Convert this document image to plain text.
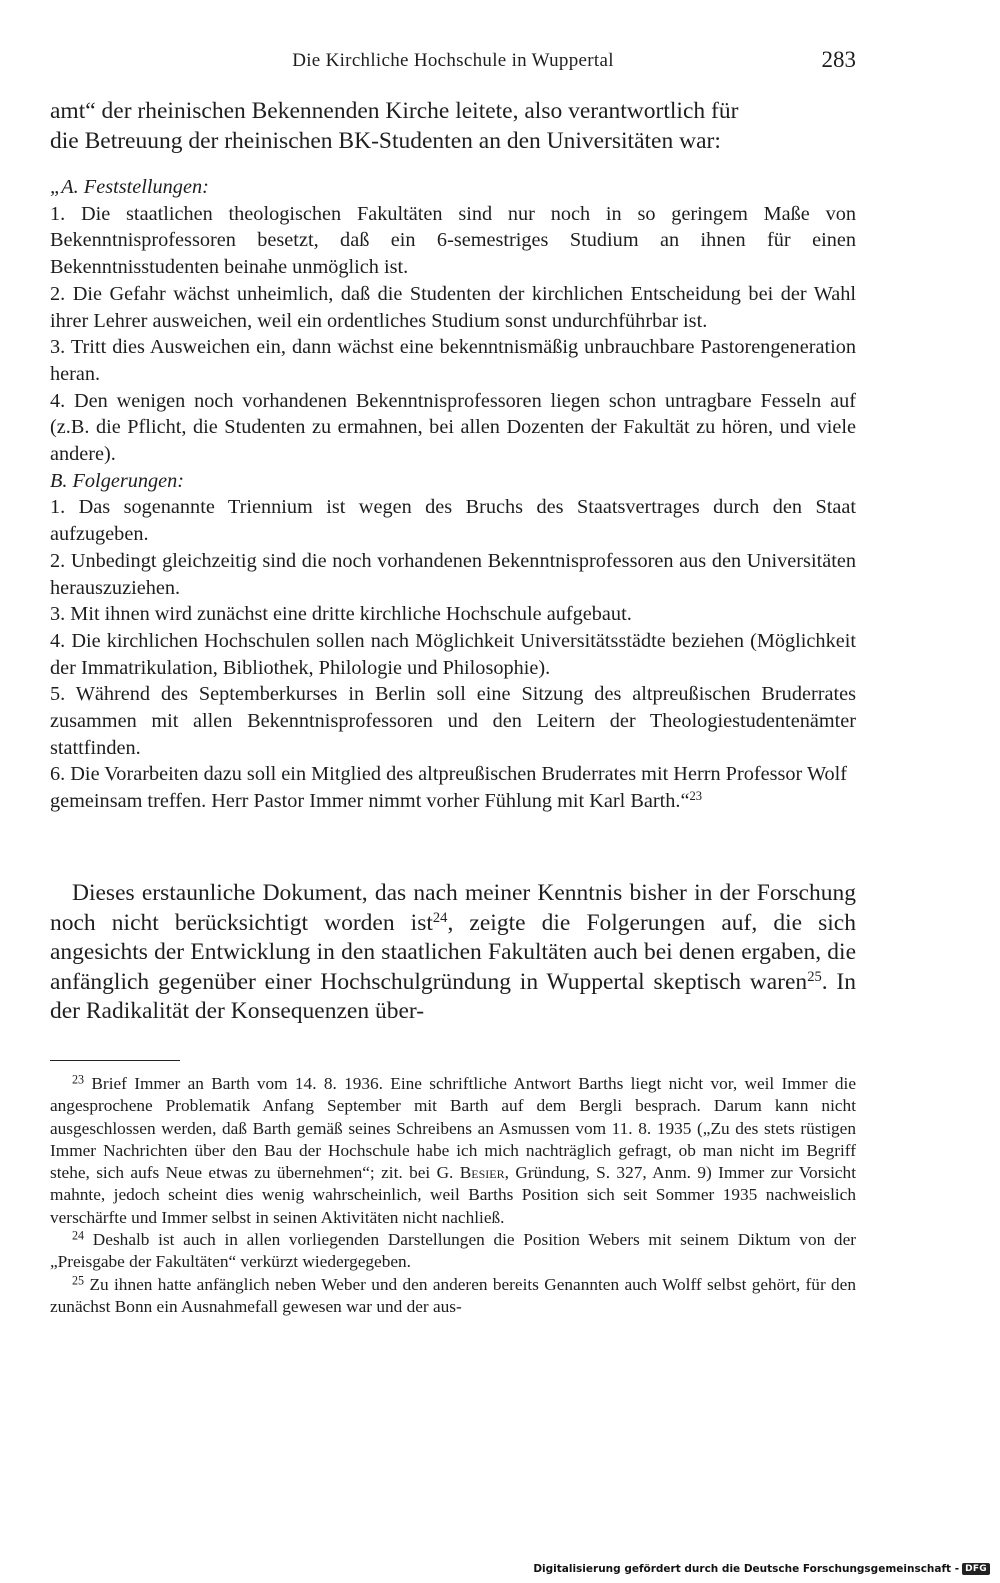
Die Kirchliche Hochschule in Wuppertal	283

amt“ der rheinischen Bekennenden Kirche leitete, also verantwortlich für

die Betreuung der rheinischen BK-Studenten an den Universitäten war:

„A. Feststellungen:

1. Die staatlichen theologischen Fakultäten sind nur noch in so geringem Maße von Bekenntnisprofessoren besetzt, daß ein 6-semestriges Studium an ihnen für einen Bekenntnisstudenten beinahe unmöglich ist.

2. Die Gefahr wächst unheimlich, daß die Studenten der kirchlichen Entscheidung bei der Wahl ihrer Lehrer ausweichen, weil ein ordentliches Studium sonst undurchführbar ist.

3. Tritt dies Ausweichen ein, dann wächst eine bekenntnismäßig unbrauchbare Pastorengeneration heran.

4. Den wenigen noch vorhandenen Bekenntnisprofessoren liegen schon untragbare Fesseln auf (z.B. die Pflicht, die Studenten zu ermahnen, bei allen Dozenten der Fakultät zu hören, und viele andere).

B. Folgerungen:

1. Das sogenannte Triennium ist wegen des Bruchs des Staatsvertrages durch den Staat aufzugeben.

2. Unbedingt gleichzeitig sind die noch vorhandenen Bekenntnisprofessoren aus den Universitäten herauszuziehen.

3. Mit ihnen wird zunächst eine dritte kirchliche Hochschule aufgebaut.

4. Die kirchlichen Hochschulen sollen nach Möglichkeit Universitätsstädte beziehen (Möglichkeit der Immatrikulation, Bibliothek, Philologie und Philosophie).

5. Während des Septemberkurses in Berlin soll eine Sitzung des altpreußischen Bruderrates zusammen mit allen Bekenntnisprofessoren und den Leitern der Theologiestudentenämter stattfinden.

6. Die Vorarbeiten dazu soll ein Mitglied des altpreußischen Bruderrates mit Herrn Professor Wolf gemeinsam treffen. Herr Pastor Immer nimmt vorher Fühlung mit Karl Barth.“$^{23}$

Dieses erstaunliche Dokument, das nach meiner Kenntnis bisher in der Forschung noch nicht berücksichtigt worden ist$^{24}$, zeigte die Folgerungen auf, die sich angesichts der Entwicklung in den staatlichen Fakultäten auch bei denen ergaben, die anfänglich gegenüber einer Hochschulgründung in Wuppertal skeptisch waren$^{25}$. In der Radikalität der Konsequenzen über-

$^{23}$ Brief Immer an Barth vom 14. 8. 1936. Eine schriftliche Antwort Barths liegt nicht vor, weil Immer die angesprochene Problematik Anfang September mit Barth auf dem Bergli besprach. Darum kann nicht ausgeschlossen werden, daß Barth gemäß seines Schreibens an Asmussen vom 11. 8. 1935 („Zu des stets rüstigen Immer Nachrichten über den Bau der Hochschule habe ich mich nachträglich gefragt, ob man nicht im Begriff stehe, sich aufs Neue etwas zu übernehmen“; zit. bei G. Besier, Gründung, S. 327, Anm. 9) Immer zur Vorsicht mahnte, jedoch scheint dies wenig wahrscheinlich, weil Barths Position sich seit Sommer 1935 nachweislich verschärfte und Immer selbst in seinen Aktivitäten nicht nachließ.

$^{24}$ Deshalb ist auch in allen vorliegenden Darstellungen die Position Webers mit seinem Diktum von der „Preisgabe der Fakultäten“ verkürzt wiedergegeben.

$^{25}$ Zu ihnen hatte anfänglich neben Weber und den anderen bereits Genannten auch Wolff selbst gehört, für den zunächst Bonn ein Ausnahmefall gewesen war und der aus-

Digitalisierung gefördert durch die Deutsche Forschungsgemeinschaft - DFG
